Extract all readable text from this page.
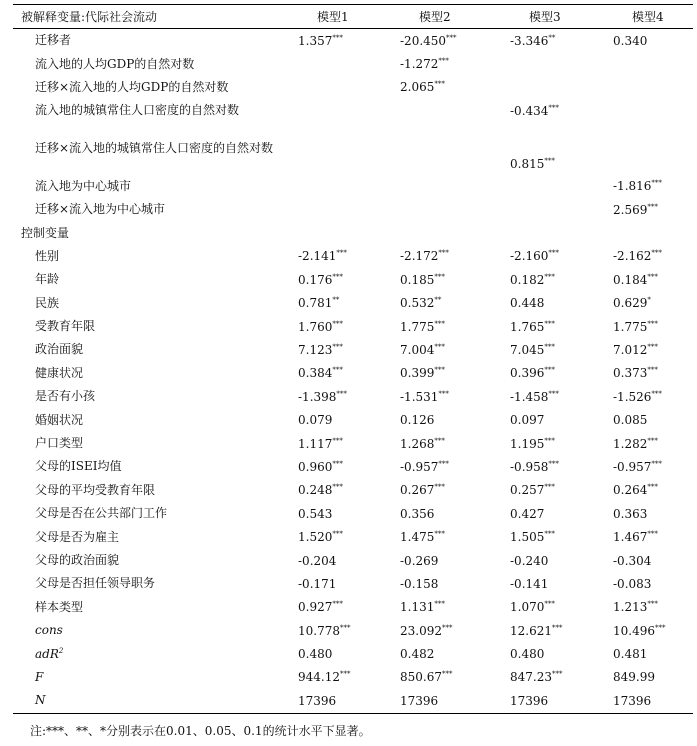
被解释变量:代际社会流动	模型1	模型2	模型3	模型4
迁移者	1.357***	-20.450***	-3.346**	0.340
流入地的人均GDP的自然对数		-1.272***		
迁移×流入地的人均GDP的自然对数		2.065***		
流入地的城镇常住人口密度的自然对数			-0.434***	
迁移×流入地的城镇常住人口密度的自然对数			0.815***	
流入地为中心城市				-1.816***
迁移×流入地为中心城市				2.569***
控制变量				
性别	-2.141***	-2.172***	-2.160***	-2.162***
年龄	0.176***	0.185***	0.182***	0.184***
民族	0.781**	0.532**	0.448	0.629*
受教育年限	1.760***	1.775***	1.765***	1.775***
政治面貌	7.123***	7.004***	7.045***	7.012***
健康状况	0.384***	0.399***	0.396***	0.373***
是否有小孩	-1.398***	-1.531***	-1.458***	-1.526***
婚姻状况	0.079	0.126	0.097	0.085
户口类型	1.117***	1.268***	1.195***	1.282***
父母的ISEI均值	0.960***	-0.957***	-0.958***	-0.957***
父母的平均受教育年限	0.248***	0.267***	0.257***	0.264***
父母是否在公共部门工作	0.543	0.356	0.427	0.363
父母是否为雇主	1.520***	1.475***	1.505***	1.467***
父母的政治面貌	-0.204	-0.269	-0.240	-0.304
父母是否担任领导职务	-0.171	-0.158	-0.141	-0.083
样本类型	0.927***	1.131***	1.070***	1.213***
cons	10.778***	23.092***	12.621***	10.496***
adR$^2$	0.480	0.482	0.480	0.481
F	944.12***	850.67***	847.23***	849.99
N	17396	17396	17396	17396
注:***、**、*分别表示在0.01、0.05、0.1的统计水平下显著。
